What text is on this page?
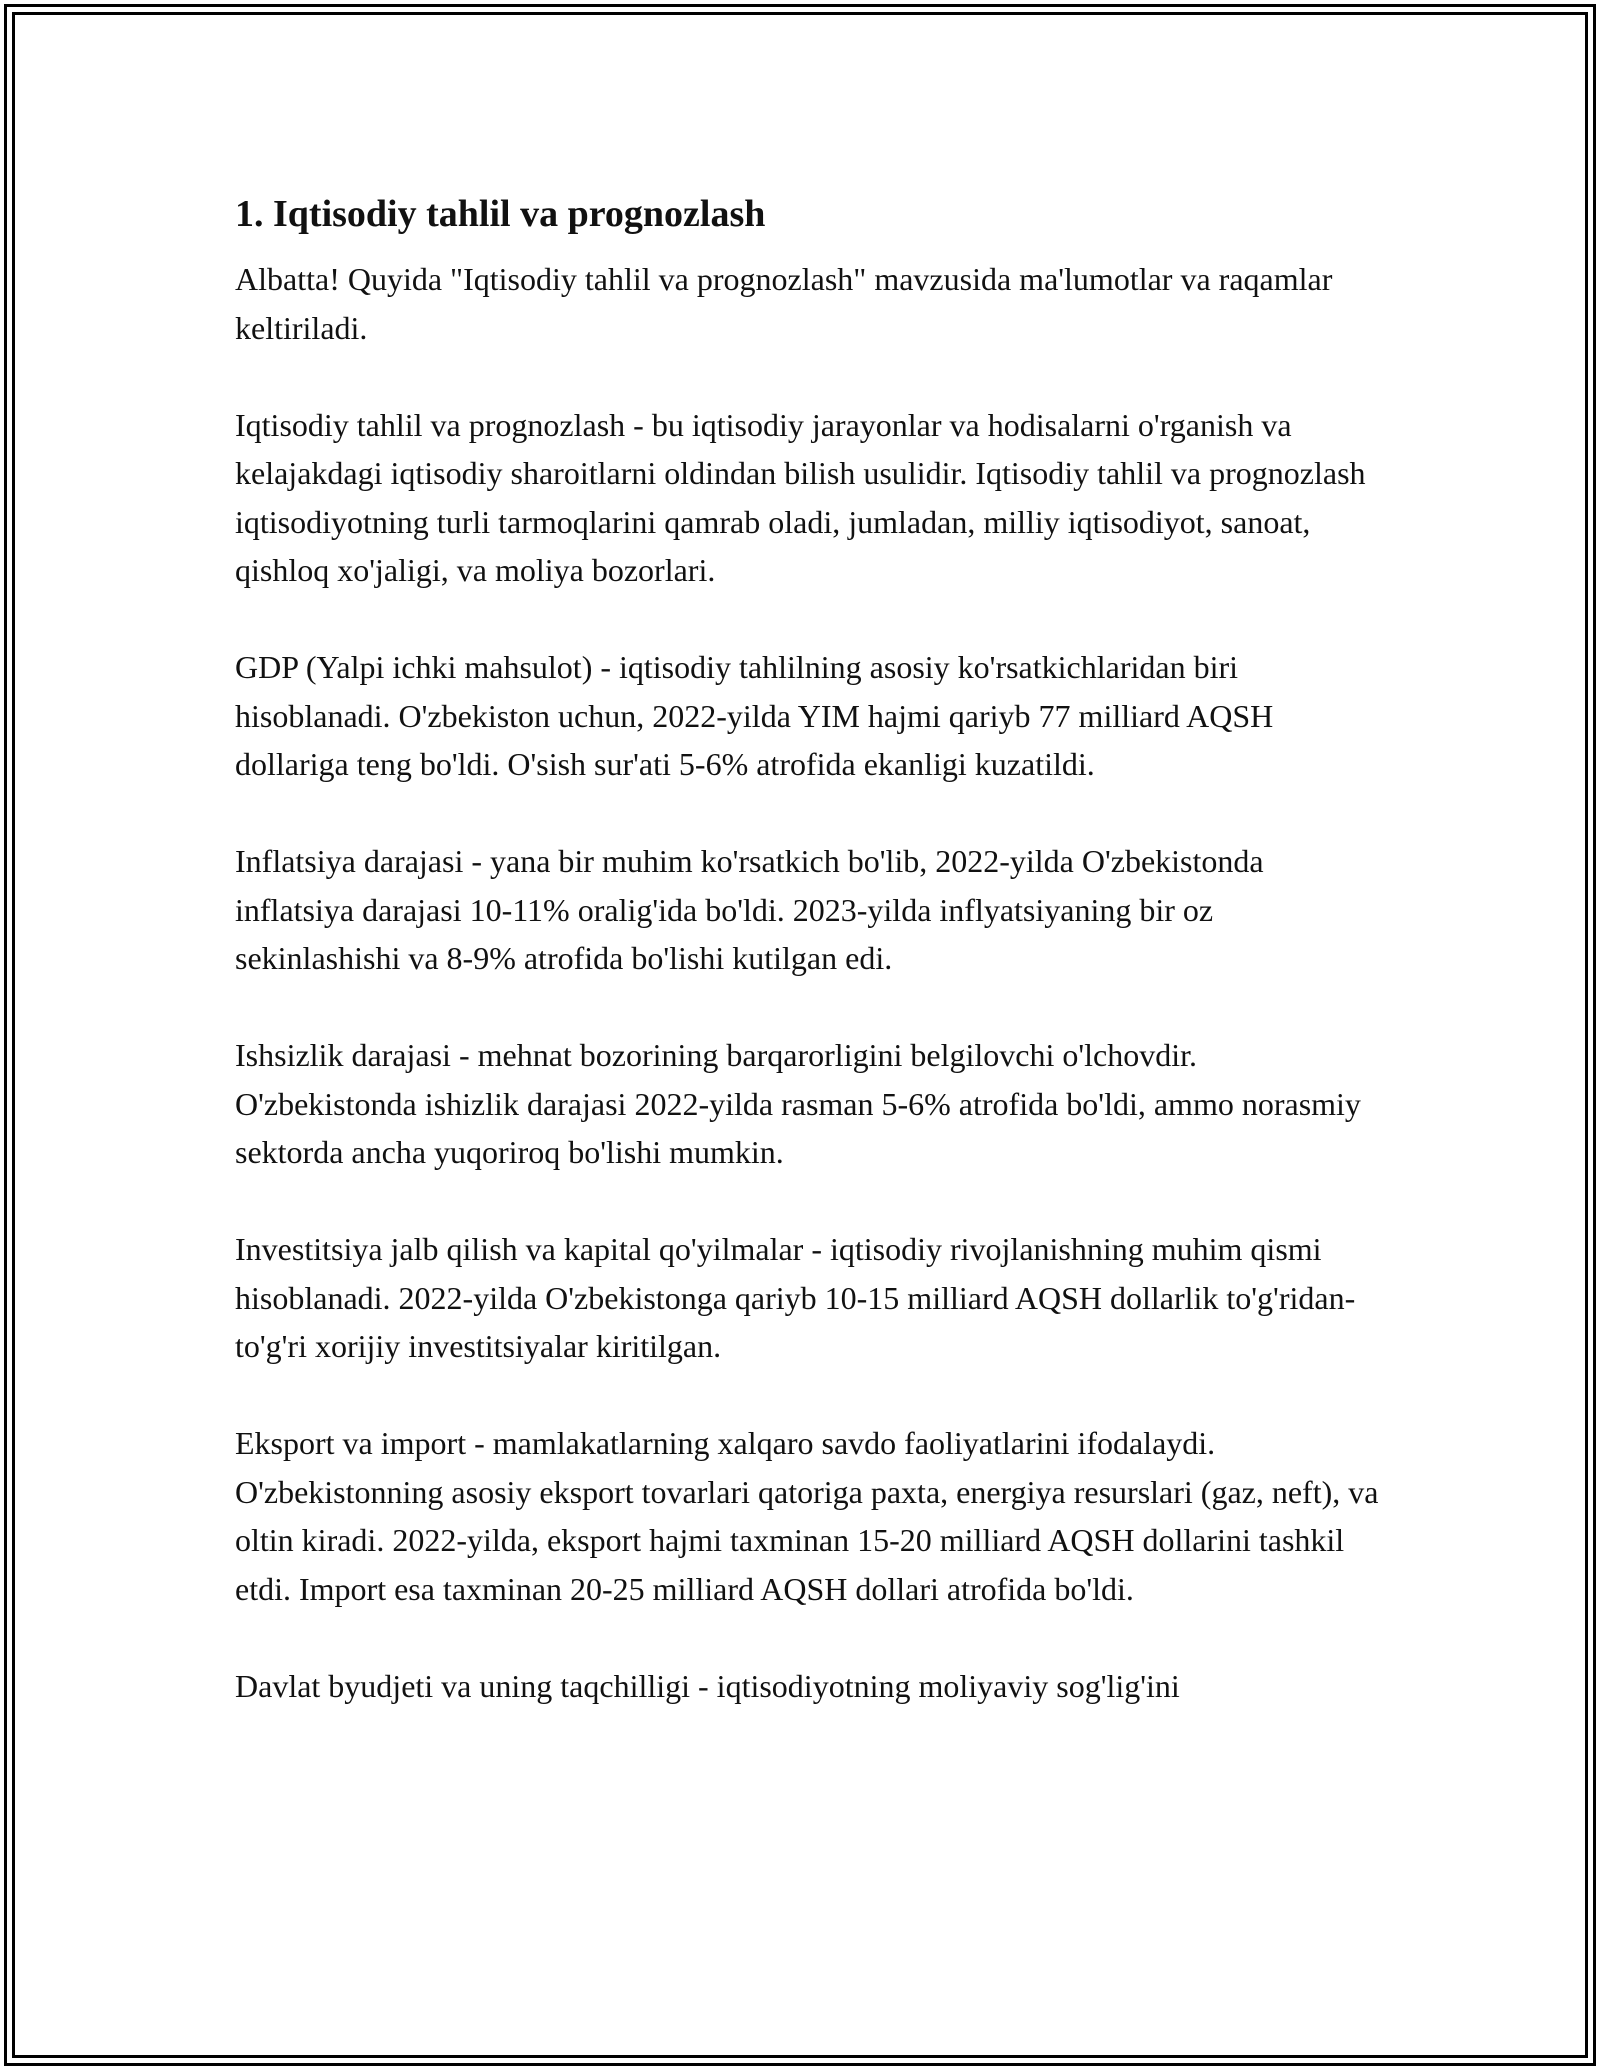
1. Iqtisodiy tahlil va prognozlash

Albatta! Quyida "Iqtisodiy tahlil va prognozlash" mavzusida ma'lumotlar va raqamlar keltiriladi.

Iqtisodiy tahlil va prognozlash - bu iqtisodiy jarayonlar va hodisalarni o'rganish va kelajakdagi iqtisodiy sharoitlarni oldindan bilish usulidir. Iqtisodiy tahlil va prognozlash iqtisodiyotning turli tarmoqlarini qamrab oladi, jumladan, milliy iqtisodiyot, sanoat, qishloq xo'jaligi, va moliya bozorlari.

GDP (Yalpi ichki mahsulot) - iqtisodiy tahlilning asosiy ko'rsatkichlaridan biri hisoblanadi. O'zbekiston uchun, 2022-yilda YIM hajmi qariyb 77 milliard AQSH dollariga teng bo'ldi. O'sish sur'ati 5-6% atrofida ekanligi kuzatildi.

Inflatsiya darajasi - yana bir muhim ko'rsatkich bo'lib, 2022-yilda O'zbekistonda inflatsiya darajasi 10-11% oralig'ida bo'ldi. 2023-yilda inflyatsiyaning bir oz sekinlashishi va 8-9% atrofida bo'lishi kutilgan edi.

Ishsizlik darajasi - mehnat bozorining barqarorligini belgilovchi o'lchovdir. O'zbekistonda ishizlik darajasi 2022-yilda rasman 5-6% atrofida bo'ldi, ammo norasmiy sektorda ancha yuqoriroq bo'lishi mumkin.

Investitsiya jalb qilish va kapital qo'yilmalar - iqtisodiy rivojlanishning muhim qismi hisoblanadi. 2022-yilda O'zbekistonga qariyb 10-15 milliard AQSH dollarlik to'g'ridan-to'g'ri xorijiy investitsiyalar kiritilgan.

Eksport va import - mamlakatlarning xalqaro savdo faoliyatlarini ifodalaydi. O'zbekistonning asosiy eksport tovarlari qatoriga paxta, energiya resurslari (gaz, neft), va oltin kiradi. 2022-yilda, eksport hajmi taxminan 15-20 milliard AQSH dollarini tashkil etdi. Import esa taxminan 20-25 milliard AQSH dollari atrofida bo'ldi.

Davlat byudjeti va uning taqchilligi - iqtisodiyotning moliyaviy sog'lig'ini
